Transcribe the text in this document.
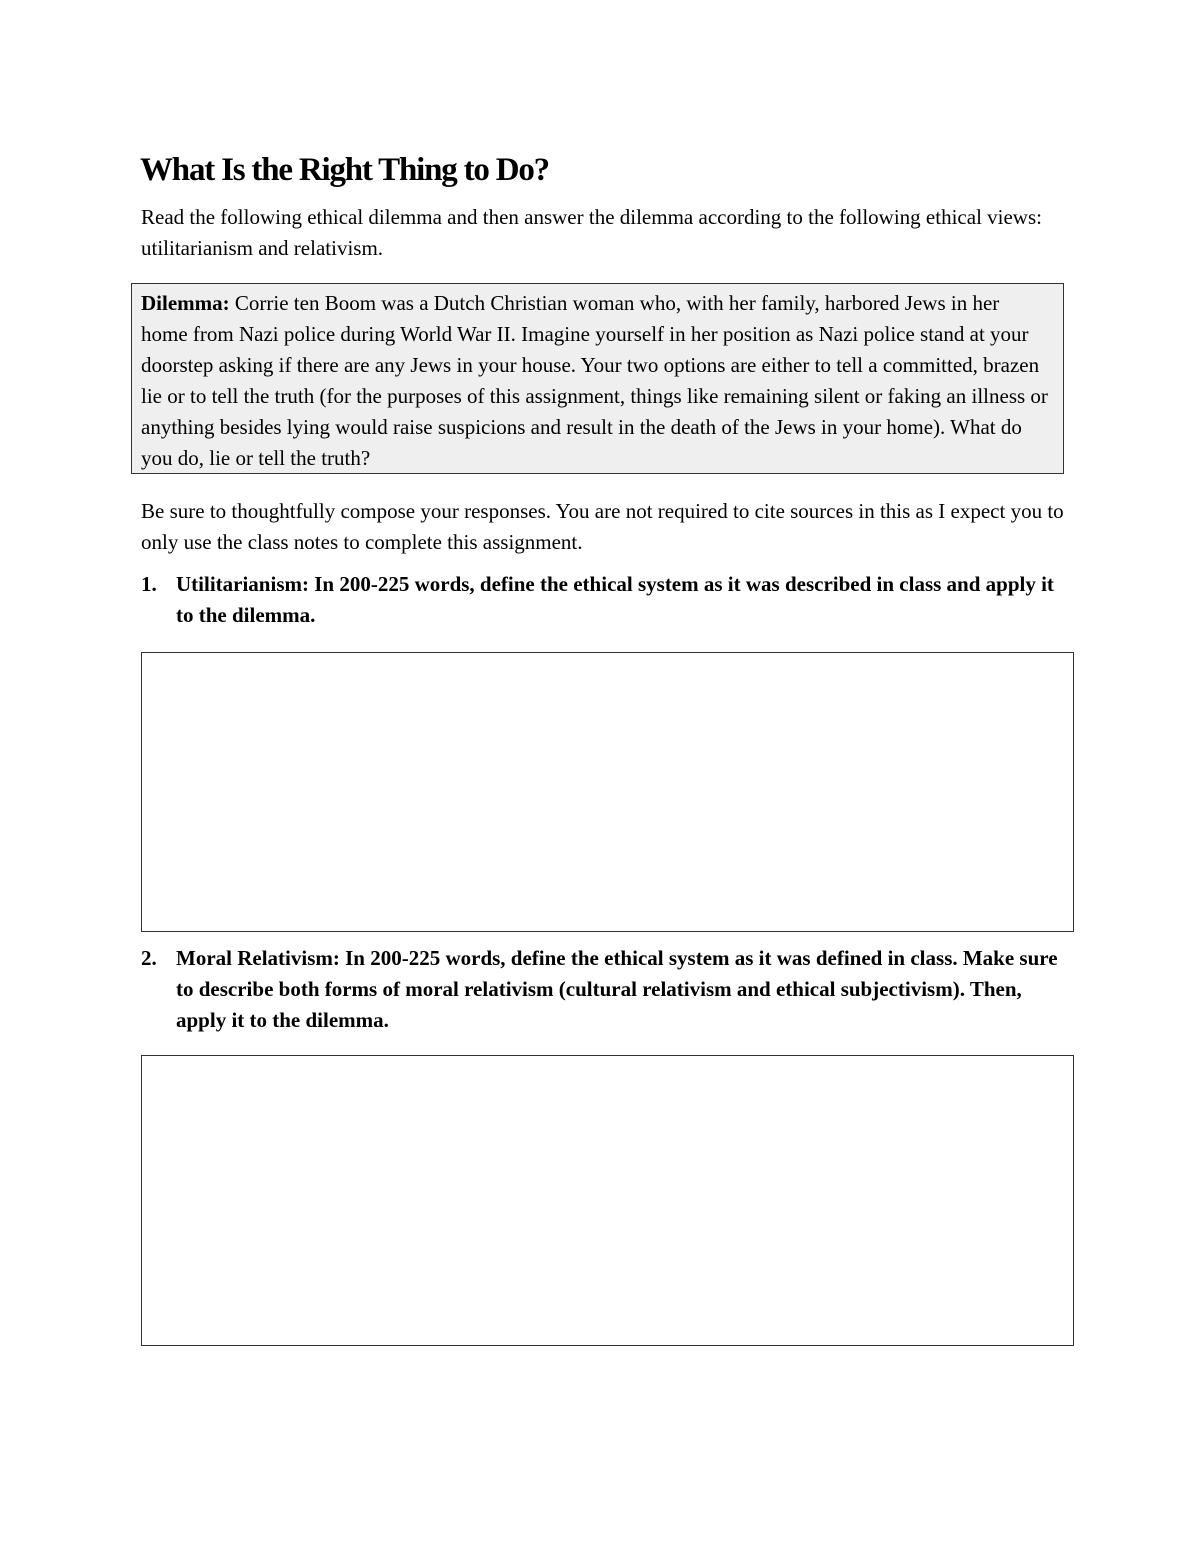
What Is the Right Thing to Do?

Read the following ethical dilemma and then answer the dilemma according to the following ethical views: utilitarianism and relativism.

Dilemma: Corrie ten Boom was a Dutch Christian woman who, with her family, harbored Jews in her home from Nazi police during World War II. Imagine yourself in her position as Nazi police stand at your doorstep asking if there are any Jews in your house. Your two options are either to tell a committed, brazen lie or to tell the truth (for the purposes of this assignment, things like remaining silent or faking an illness or anything besides lying would raise suspicions and result in the death of the Jews in your home). What do you do, lie or tell the truth?

Be sure to thoughtfully compose your responses. You are not required to cite sources in this as I expect you to only use the class notes to complete this assignment.

1. Utilitarianism: In 200-225 words, define the ethical system as it was described in class and apply it to the dilemma.
2. Moral Relativism: In 200-225 words, define the ethical system as it was defined in class. Make sure to describe both forms of moral relativism (cultural relativism and ethical subjectivism). Then, apply it to the dilemma.
